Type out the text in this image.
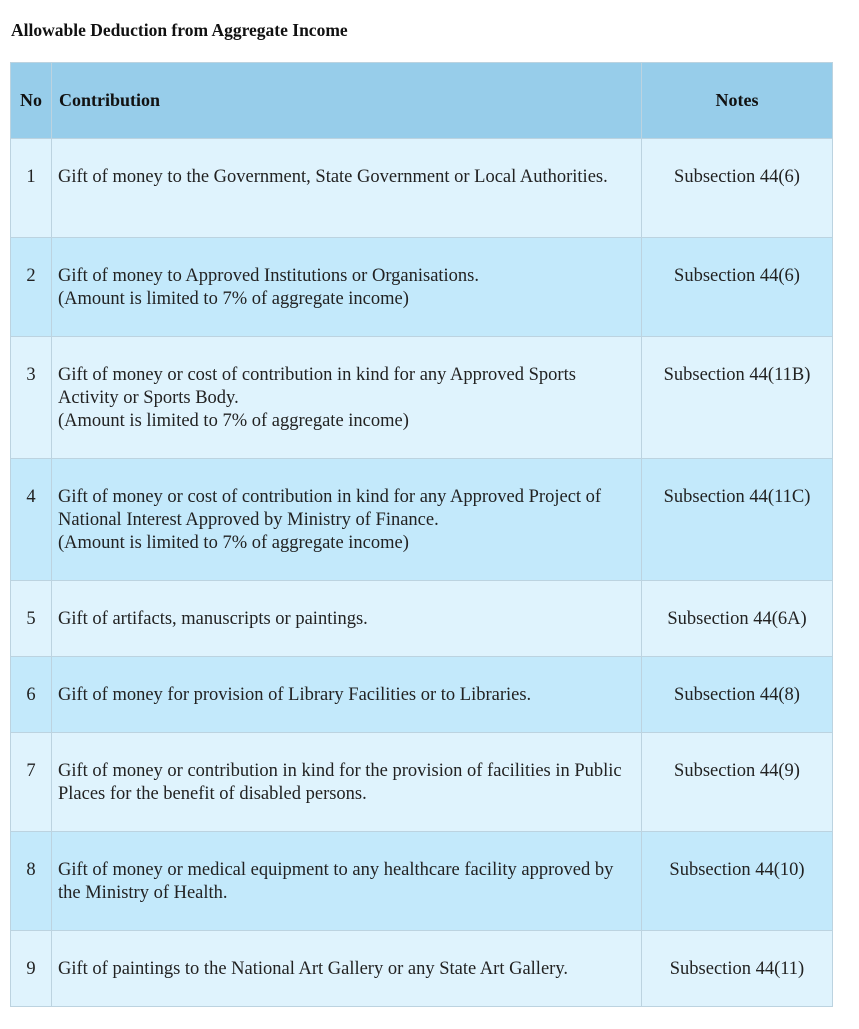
Allowable Deduction from Aggregate Income
No	Contribution	Notes
1	Gift of money to the Government, State Government or Local Authorities.	Subsection 44(6)
2	Gift of money to Approved Institutions or Organisations.
(Amount is limited to 7% of aggregate income)	Subsection 44(6)
3	Gift of money or cost of contribution in kind for any Approved Sports Activity or Sports Body.
(Amount is limited to 7% of aggregate income)	Subsection 44(11B)
4	Gift of money or cost of contribution in kind for any Approved Project of National Interest Approved by Ministry of Finance.
(Amount is limited to 7% of aggregate income)	Subsection 44(11C)
5	Gift of artifacts, manuscripts or paintings.	Subsection 44(6A)
6	Gift of money for provision of Library Facilities or to Libraries.	Subsection 44(8)
7	Gift of money or contribution in kind for the provision of facilities in Public Places for the benefit of disabled persons.	Subsection 44(9)
8	Gift of money or medical equipment to any healthcare facility approved by the Ministry of Health.	Subsection 44(10)
9	Gift of paintings to the National Art Gallery or any State Art Gallery.	Subsection 44(11)
